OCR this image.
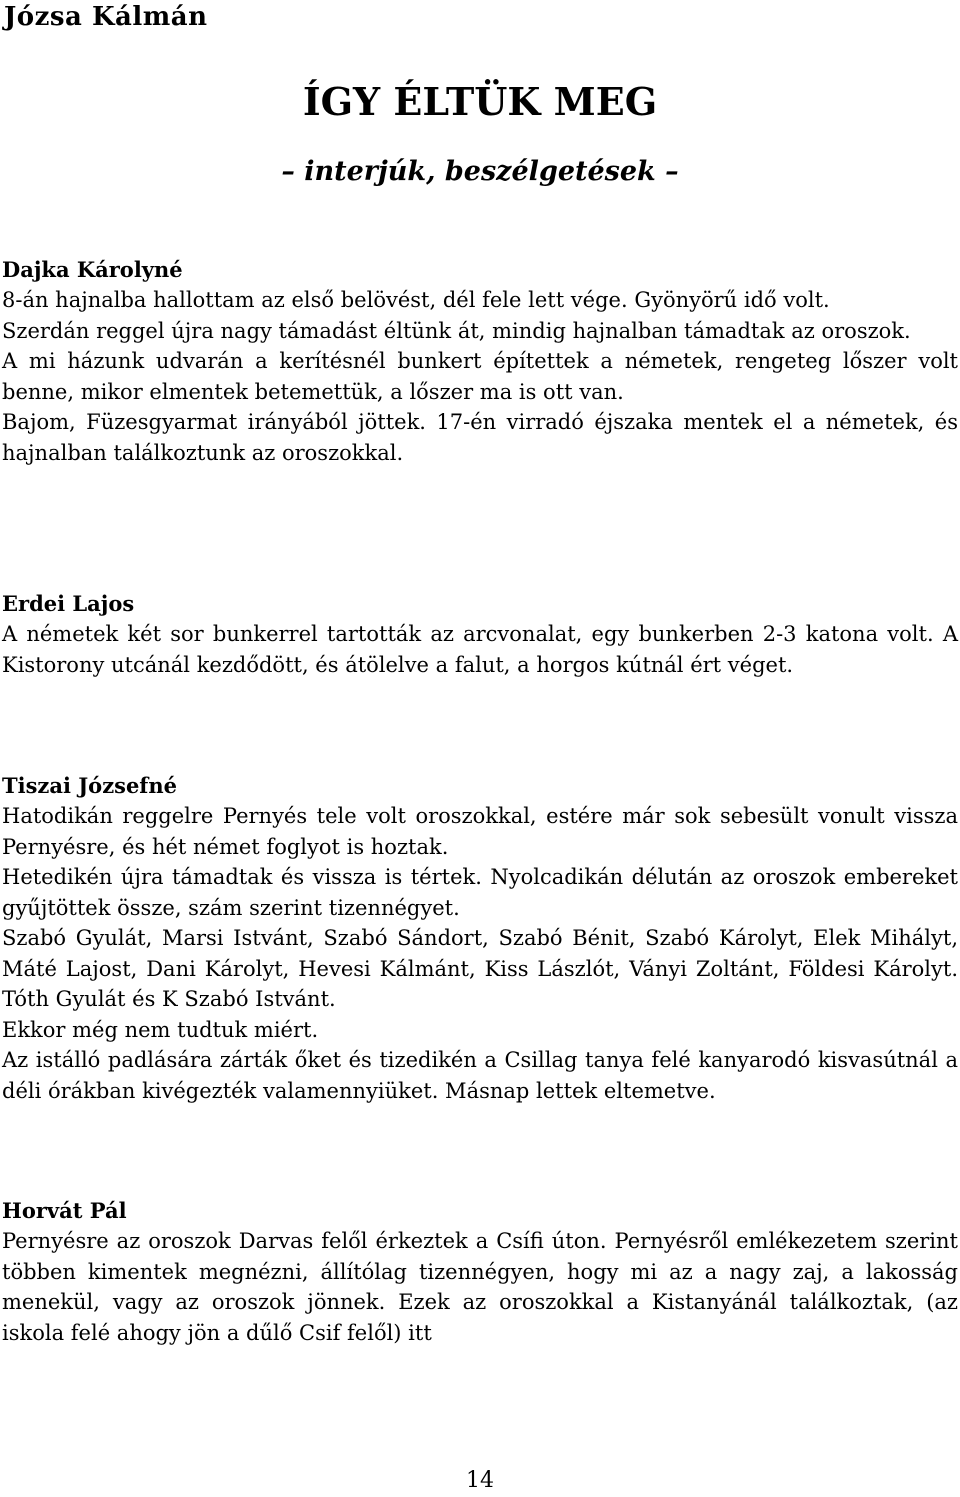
Józsa Kálmán
ÍGY ÉLTÜK MEG
– interjúk, beszélgetések –
Dajka Károlyné

8-án hajnalba hallottam az első belövést, dél fele lett vége. Gyönyörű idő volt.

Szerdán reggel újra nagy támadást éltünk át, mindig hajnalban támadtak az oroszok.

A mi házunk udvarán a kerítésnél bunkert építettek a németek, rengeteg lőszer volt benne, mikor elmentek betemettük, a lőszer ma is ott van.

Bajom, Füzesgyarmat irányából jöttek. 17-én virradó éjszaka mentek el a németek, és hajnalban találkoztunk az oroszokkal.

Erdei Lajos

A németek két sor bunkerrel tartották az arcvonalat, egy bunkerben 2-3 katona volt. A Kistorony utcánál kezdődött, és átölelve a falut, a horgos kútnál ért véget.

Tiszai Józsefné

Hatodikán reggelre Pernyés tele volt oroszokkal, estére már sok sebesült vonult vissza Pernyésre, és hét német foglyot is hoztak.

Hetedikén újra támadtak és vissza is tértek. Nyolcadikán délután az oroszok embereket gyűjtöttek össze, szám szerint tizennégyet.

Szabó Gyulát, Marsi Istvánt, Szabó Sándort, Szabó Bénit, Szabó Károlyt, Elek Mihályt, Máté Lajost, Dani Károlyt, Hevesi Kálmánt, Kiss Lászlót, Ványi Zoltánt, Földesi Károlyt. Tóth Gyulát és K Szabó Istvánt.

Ekkor még nem tudtuk miért.

Az istálló padlására zárták őket és tizedikén a Csillag tanya felé kanyarodó kisvasútnál a déli órákban kivégezték valamennyiüket. Másnap lettek eltemetve.

Horvát Pál

Pernyésre az oroszok Darvas felől érkeztek a Csífi úton. Pernyésről emlékezetem szerint többen kimentek megnézni, állítólag tizennégyen, hogy mi az a nagy zaj, a lakosság menekül, vagy az oroszok jönnek. Ezek az oroszokkal a Kistanyánál találkoztak, (az iskola felé ahogy jön a dűlő Csif felől) itt

14
